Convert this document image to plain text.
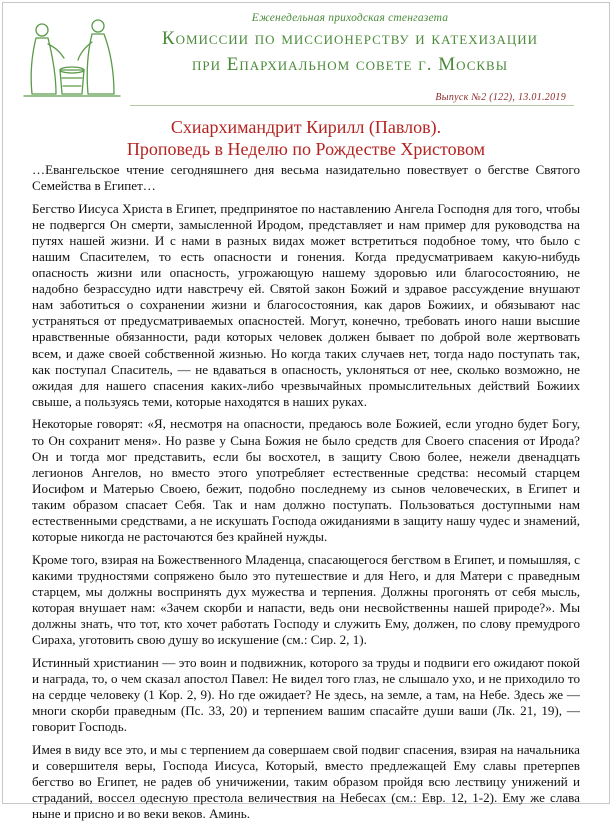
Еженедельная приходская стенгазета
Комиссии по миссионерству и катехизации
при Епархиальном совете г. Москвы
Выпуск №2 (122), 13.01.2019
Схиархимандрит Кирилл (Павлов).
Проповедь в Неделю по Рождестве Христовом

…Евангельское чтение сегодняшнего дня весьма назидательно повествует о бегстве Святого Семейства в Египет…

Бегство Иисуса Христа в Египет, предпринятое по наставлению Ангела Господня для того, чтобы не подвергся Он смерти, замысленной Иродом, представляет и нам пример для руководства на путях нашей жизни. И с нами в разных видах может встретиться подобное тому, что было с нашим Спасителем, то есть опасности и гонения. Когда предусматриваем какую-нибудь опасность жизни или опасность, угрожающую нашему здоровью или благосостоянию, не надобно безрассудно идти навстречу ей. Святой закон Божий и здравое рассуждение внушают нам заботиться о сохранении жизни и благосостояния, как даров Божиих, и обязывают нас устраняться от предусматриваемых опасностей. Могут, конечно, требовать иного наши высшие нравственные обязанности, ради которых человек должен бывает по доброй воле жертвовать всем, и даже своей собственной жизнью. Но когда таких случаев нет, тогда надо поступать так, как поступал Спаситель, — не вдаваться в опасность, уклоняться от нее, сколько возможно, не ожидая для нашего спасения каких-либо чрезвычайных промыслительных действий Божиих свыше, а пользуясь теми, которые находятся в наших руках.

Некоторые говорят: «Я, несмотря на опасности, предаюсь воле Божией, если угодно будет Богу, то Он сохранит меня». Но разве у Сына Божия не было средств для Своего спасения от Ирода? Он и тогда мог представить, если бы восхотел, в защиту Свою более, нежели двенадцать легионов Ангелов, но вместо этого употребляет естественные средства: несомый старцем Иосифом и Матерью Своею, бежит, подобно последнему из сынов человеческих, в Египет и таким образом спасает Себя. Так и нам должно поступать. Пользоваться доступными нам естественными средствами, а не искушать Господа ожиданиями в защиту нашу чудес и знамений, которые никогда не расточаются без крайней нужды.

Кроме того, взирая на Божественного Младенца, спасающегося бегством в Египет, и помышляя, с какими трудностями сопряжено было это путешествие и для Него, и для Матери с праведным старцем, мы должны воспринять дух мужества и терпения. Должны прогонять от себя мысль, которая внушает нам: «Зачем скорби и напасти, ведь они несвойственны нашей природе?». Мы должны знать, что тот, кто хочет работать Господу и служить Ему, должен, по слову премудрого Сираха, уготовить свою душу во искушение (см.: Сир. 2, 1).

Истинный христианин — это воин и подвижник, которого за труды и подвиги его ожидают покой и награда, то, о чем сказал апостол Павел: Не видел того глаз, не слышало ухо, и не приходило то на сердце человеку (1 Кор. 2, 9). Но где ожидает? Не здесь, на земле, а там, на Небе. Здесь же — многи скорби праведным (Пс. 33, 20) и терпением вашим спасайте души ваши (Лк. 21, 19), — говорит Господь.

Имея в виду все это, и мы с терпением да совершаем свой подвиг спасения, взирая на начальника и совершителя веры, Господа Иисуса, Который, вместо предлежащей Ему славы претерпев бегство во Египет, не радев об уничижении, таким образом пройдя всю лествицу унижений и страданий, воссел одесную престола величествия на Небесах (см.: Евр. 12, 1-2). Ему же слава ныне и присно и во веки веков. Аминь.
